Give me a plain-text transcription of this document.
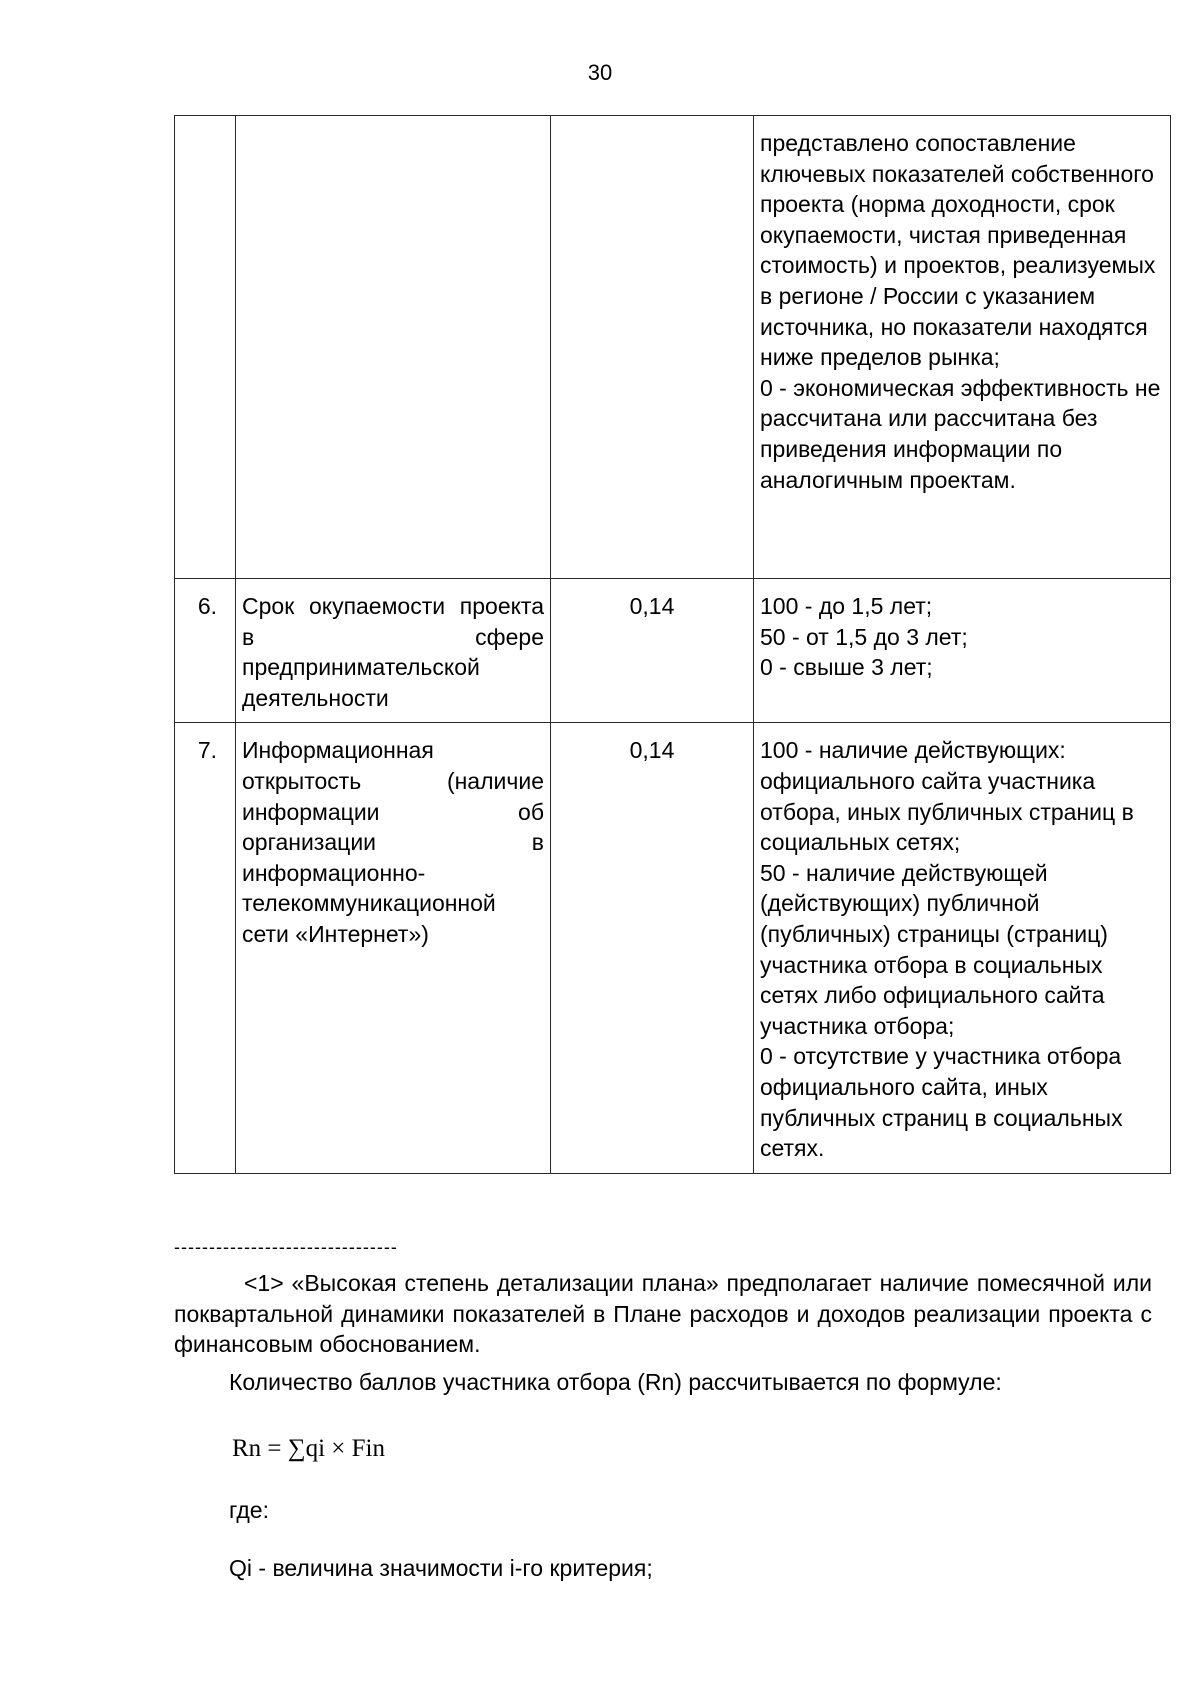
30

			представлено сопоставление ключевых показателей собственного проекта (норма доходности, срок окупаемости, чистая приведенная стоимость) и проектов, реализуемых в регионе / России с указанием источника, но показатели находятся ниже пределов рынка;
0 - экономическая эффективность не рассчитана или рассчитана без приведения информации по аналогичным проектам.

6.	Срок окупаемости проекта в сфере предпринимательской деятельности	0,14	100 - до 1,5 лет;
50 - от 1,5 до 3 лет;
0 - свыше 3 лет;

7.	Информационная открытость (наличие информации об организации в информационно-телекоммуникационной сети «Интернет»)	0,14	100 - наличие действующих: официального сайта участника отбора, иных публичных страниц в социальных сетях;
50 - наличие действующей (действующих) публичной (публичных) страницы (страниц) участника отбора в социальных сетях либо официального сайта участника отбора;
0 - отсутствие у участника отбора официального сайта, иных публичных страниц в социальных сетях.
--------------------------------

<1> «Высокая степень детализации плана» предполагает наличие помесячной или поквартальной динамики показателей в Плане расходов и доходов реализации проекта с финансовым обоснованием.

Количество баллов участника отбора (Rn) рассчитывается по формуле:

Rn = ∑qi × Fin

где:

Qi - величина значимости i-го критерия;
